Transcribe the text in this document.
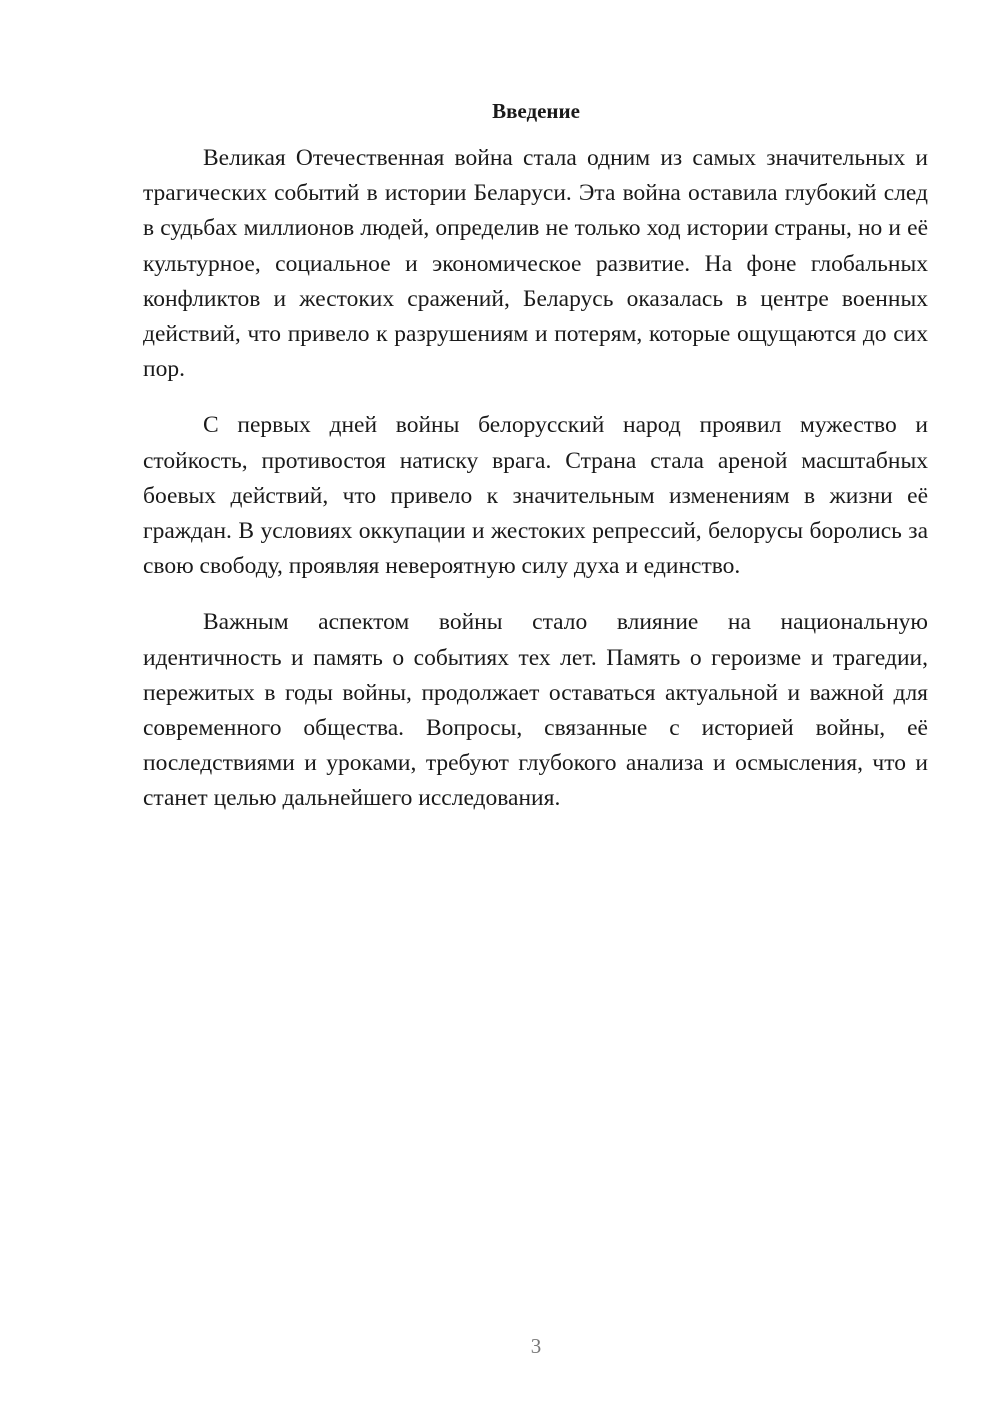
Введение

Великая Отечественная война стала одним из самых значительных и трагических событий в истории Беларуси. Эта война оставила глубокий след в судьбах миллионов людей, определив не только ход истории страны, но и её культурное, социальное и экономическое развитие. На фоне глобальных конфликтов и жестоких сражений, Беларусь оказалась в центре военных действий, что привело к разрушениям и потерям, которые ощущаются до сих пор.

С первых дней войны белорусский народ проявил мужество и стойкость, противостоя натиску врага. Страна стала ареной масштабных боевых действий, что привело к значительным изменениям в жизни её граждан. В условиях оккупации и жестоких репрессий, белорусы боролись за свою свободу, проявляя невероятную силу духа и единство.

Важным аспектом войны стало влияние на национальную идентичность и память о событиях тех лет. Память о героизме и трагедии, пережитых в годы войны, продолжает оставаться актуальной и важной для современного общества. Вопросы, связанные с историей войны, её последствиями и уроками, требуют глубокого анализа и осмысления, что и станет целью дальнейшего исследования.

3
